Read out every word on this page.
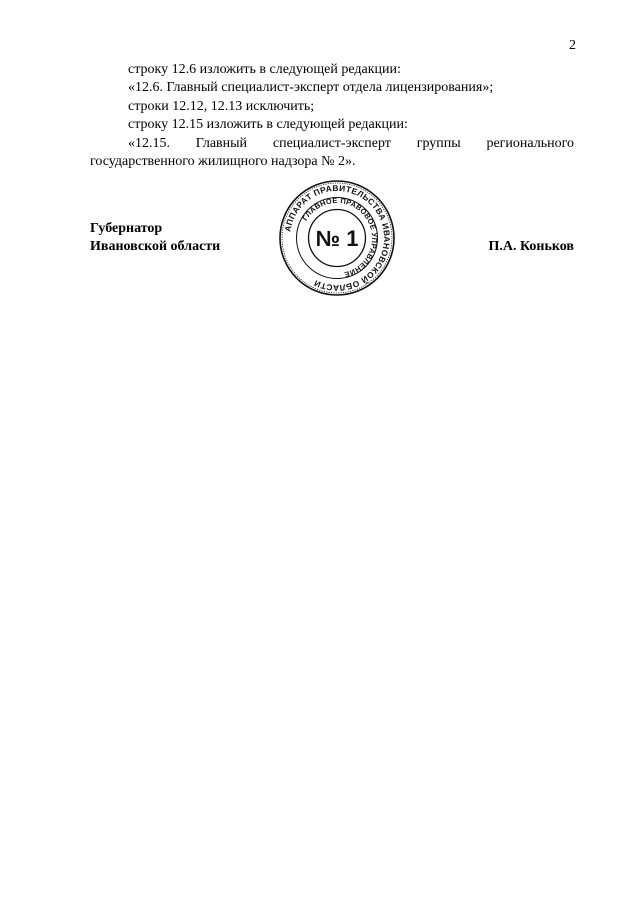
2

строку 12.6 изложить в следующей редакции:

«12.6. Главный специалист-эксперт отдела лицензирования»;

строки 12.12, 12.13 исключить;

строку 12.15 изложить в следующей редакции:

«12.15. Главный специалист-эксперт группы регионального государственного жилищного надзора № 2».

Губернатор
Ивановской области	П.А. Коньков
АППАРАТ ПРАВИТЕЛЬСТВА ИВАНОВСКОЙ ОБЛАСТИ
ГЛАВНОЕ ПРАВОВОЕ УПРАВЛЕНИЕ
№ 1
